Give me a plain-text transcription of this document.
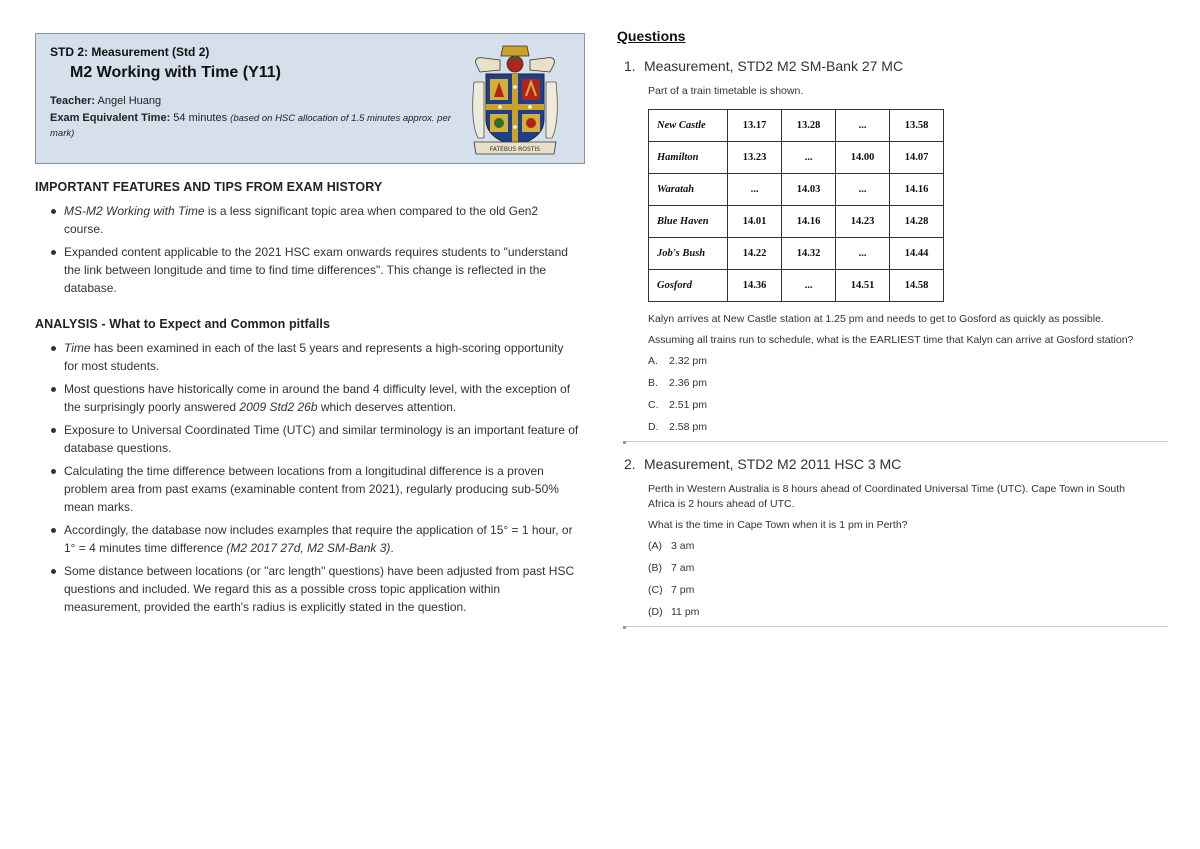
STD 2: Measurement (Std 2)
M2 Working with Time (Y11)
Teacher: Angel Huang
Exam Equivalent Time: 54 minutes (based on HSC allocation of 1.5 minutes approx. per mark)
FATEBUS ROSTIS
IMPORTANT FEATURES AND TIPS FROM EXAM HISTORY
MS-M2 Working with Time is a less significant topic area when compared to the old Gen2 course.
Expanded content applicable to the 2021 HSC exam onwards requires students to "understand the link between longitude and time to find time differences". This change is reflected in the database.
ANALYSIS - What to Expect and Common pitfalls
Time has been examined in each of the last 5 years and represents a high-scoring opportunity for most students.
Most questions have historically come in around the band 4 difficulty level, with the exception of the surprisingly poorly answered 2009 Std2 26b which deserves attention.
Exposure to Universal Coordinated Time (UTC) and similar terminology is an important feature of database questions.
Calculating the time difference between locations from a longitudinal difference is a proven problem area from past exams (examinable content from 2021), regularly producing sub-50% mean marks.
Accordingly, the database now includes examples that require the application of 15° = 1 hour, or 1° = 4 minutes time difference (M2 2017 27d, M2 SM-Bank 3).
Some distance between locations (or "arc length" questions) have been adjusted from past HSC questions and included. We regard this as a possible cross topic application within measurement, provided the earth's radius is explicitly stated in the question.
Questions
1. Measurement, STD2 M2 SM-Bank 27 MC
Part of a train timetable is shown.
New Castle	13.17	13.28	...	13.58
Hamilton	13.23	...	14.00	14.07
Waratah	...	14.03	...	14.16
Blue Haven	14.01	14.16	14.23	14.28
Job's Bush	14.22	14.32	...	14.44
Gosford	14.36	...	14.51	14.58
Kalyn arrives at New Castle station at 1.25 pm and needs to get to Gosford as quickly as possible.
Assuming all trains run to schedule, what is the EARLIEST time that Kalyn can arrive at Gosford station?
A. 2.32 pm
B. 2.36 pm
C. 2.51 pm
D. 2.58 pm
2. Measurement, STD2 M2 2011 HSC 3 MC
Perth in Western Australia is 8 hours ahead of Coordinated Universal Time (UTC). Cape Town in South Africa is 2 hours ahead of UTC.
What is the time in Cape Town when it is 1 pm in Perth?
(A) 3 am
(B) 7 am
(C) 7 pm
(D) 11 pm
